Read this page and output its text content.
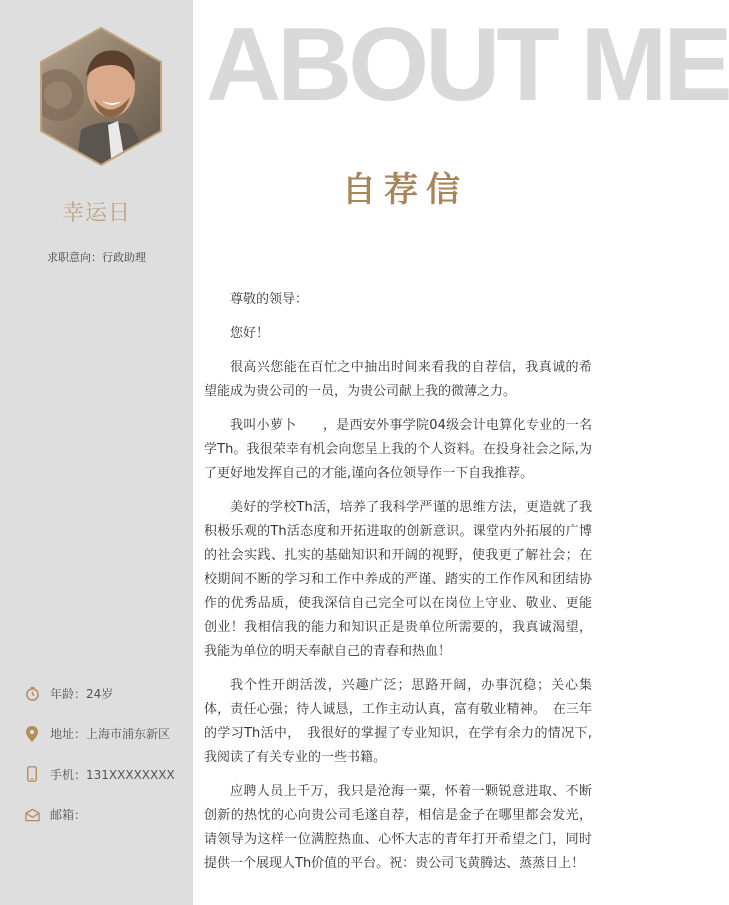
幸运日
求职意向：行政助理
年龄：24岁
地址：上海市浦东新区
手机：131XXXXXXXX
邮箱：
ABOUT ME
自荐信

尊敬的领导：

您好！

很高兴您能在百忙之中抽出时间来看我的自荐信，我真诚的希望能成为贵公司的一员，为贵公司献上我的微薄之力。

我叫小萝卜　　，是西安外事学院04级会计电算化专业的一名学Th。我很荣幸有机会向您呈上我的个人资料。在投身社会之际,为了更好地发挥自己的才能,谨向各位领导作一下自我推荐。

美好的学校Th活，培养了我科学严谨的思维方法，更造就了我积极乐观的Th活态度和开拓进取的创新意识。课堂内外拓展的广博的社会实践、扎实的基础知识和开阔的视野，使我更了解社会；在校期间不断的学习和工作中养成的严谨、踏实的工作作风和团结协作的优秀品质，使我深信自己完全可以在岗位上守业、敬业、更能创业！我相信我的能力和知识正是贵单位所需要的，我真诚渴望，我能为单位的明天奉献自己的青春和热血！

我个性开朗活泼，兴趣广泛；思路开阔，办事沉稳；关心集体，责任心强；待人诚恳，工作主动认真，富有敬业精神。　在三年的学习Th活中，　我很好的掌握了专业知识，在学有余力的情况下,我阅读了有关专业的一些书籍。

应聘人员上千万，我只是沧海一粟，怀着一颗锐意进取、不断创新的热忱的心向贵公司毛遂自荐，相信是金子在哪里都会发光，请领导为这样一位满腔热血、心怀大志的青年打开希望之门，同时提供一个展现人Th价值的平台。祝：贵公司飞黄腾达、蒸蒸日上！
